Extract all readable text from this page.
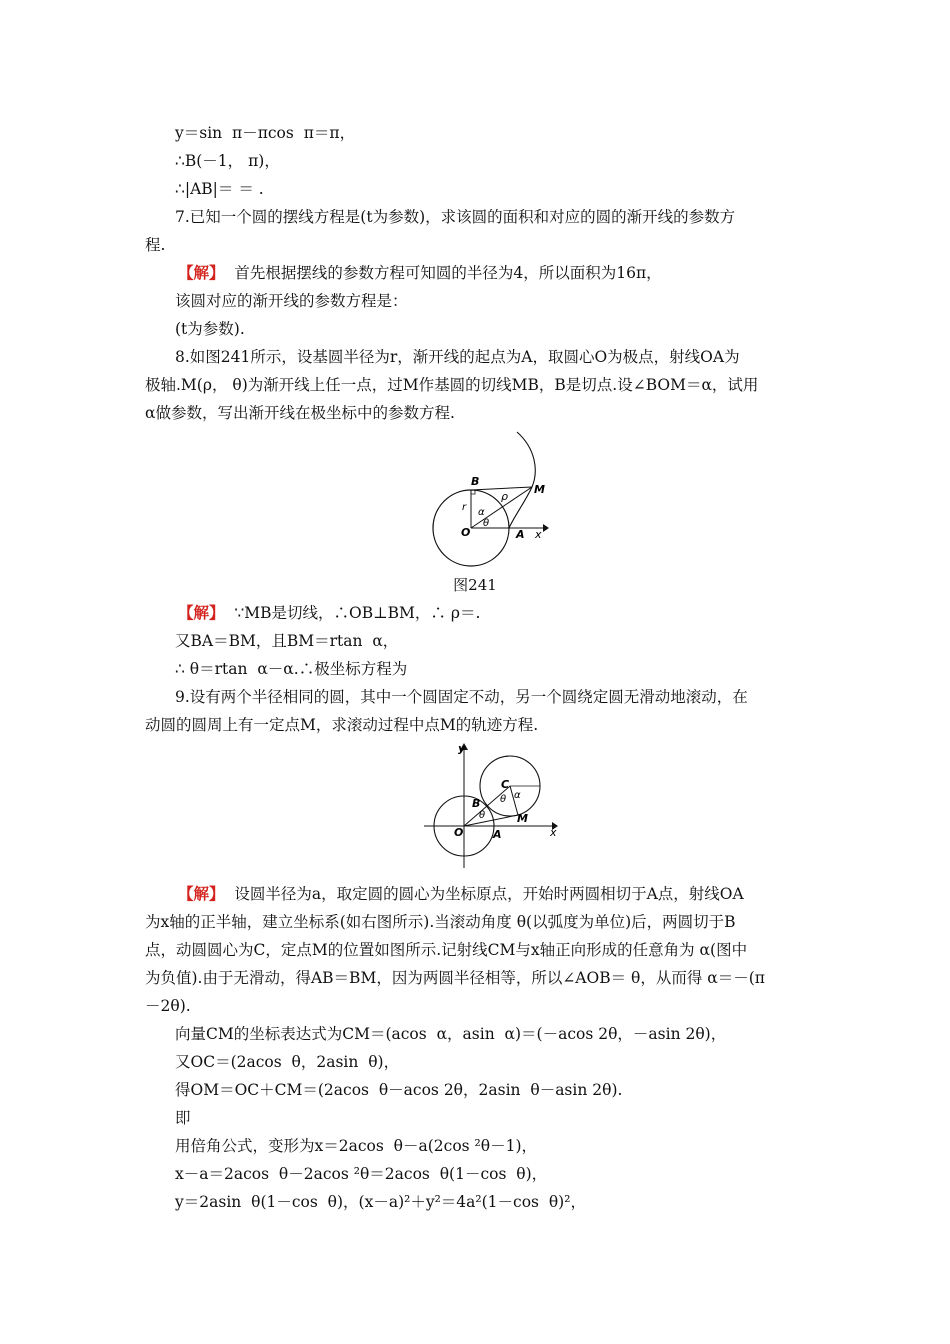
y＝sin  π－πcos  π＝π，
∴B(－1， π)，
∴|AB|＝ ＝ .
7.已知一个圆的摆线方程是(t为参数)，求该圆的面积和对应的圆的渐开线的参数方
程.
【解】  首先根据摆线的参数方程可知圆的半径为4，所以面积为16π，
该圆对应的渐开线的参数方程是：
(t为参数).
8.如图241所示，设基圆半径为r，渐开线的起点为A，取圆心O为极点，射线OA为
极轴.M(ρ， θ)为渐开线上任一点，过M作基圆的切线MB，B是切点.设∠BOM＝α，试用
α做参数，写出渐开线在极坐标中的参数方程.
B
M
r
ρ
α
θ
O	A x
图241
【解】  ∵MB是切线，∴OB⊥BM，∴ ρ＝.
又BA＝BM，且BM＝rtan  α，
∴ θ＝rtan  α－α.∴极坐标方程为
9.设有两个半径相同的圆，其中一个圆固定不动，另一个圆绕定圆无滑动地滚动，在
动圆的圆周上有一定点M，求滚动过程中点M的轨迹方程.
y
C
α
θ
B
θ	M
O	A	x
【解】  设圆半径为a，取定圆的圆心为坐标原点，开始时两圆相切于A点，射线OA
为x轴的正半轴，建立坐标系(如右图所示).当滚动角度 θ(以弧度为单位)后，两圆切于B
点，动圆圆心为C，定点M的位置如图所示.记射线CM与x轴正向形成的任意角为 α(图中
为负值).由于无滑动，得AB＝BM，因为两圆半径相等，所以∠AOB＝ θ，从而得 α＝－(π
－2θ).
向量CM的坐标表达式为CM＝(acos  α，asin  α)＝(－acos 2θ，－asin 2θ)，
又OC＝(2acos  θ，2asin  θ)，
得OM＝OC＋CM＝(2acos  θ－acos 2θ，2asin  θ－asin 2θ).
即
用倍角公式，变形为x＝2acos  θ－a(2cos ²θ－1)，
x－a＝2acos  θ－2acos ²θ＝2acos  θ(1－cos  θ)，
y＝2asin  θ(1－cos  θ)，(x－a)²＋y²＝4a²(1－cos  θ)²，
